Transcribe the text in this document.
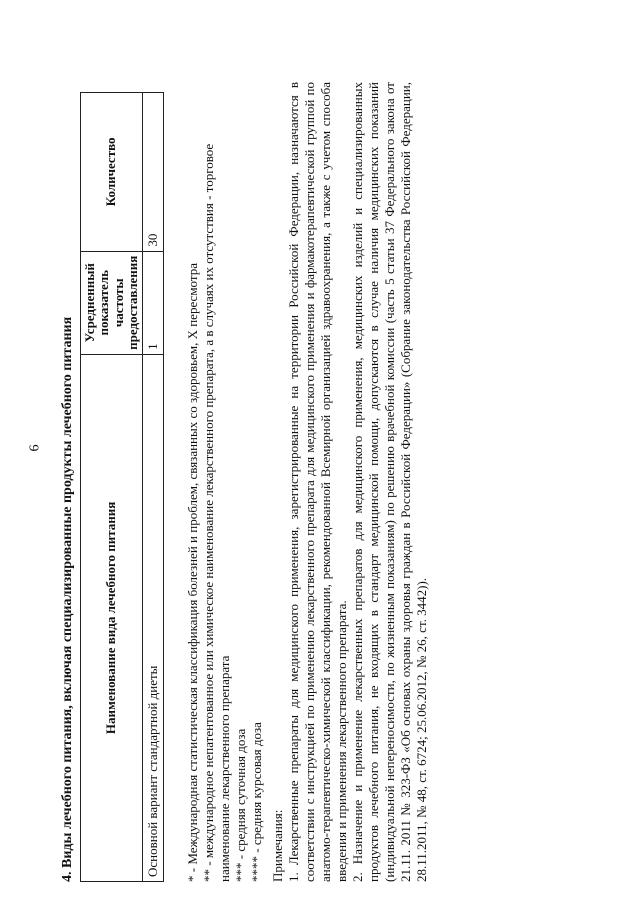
6 4. Виды лечебного питания, включая специализированные продукты лечебного питания Наименование вида лечебного питания	Усредненный показатель частоты предоставления	Количество
Основной вариант стандартной диеты	1	30
* - Международная статистическая классификация болезней и проблем, связанных со здоровьем, X пересмотра ** - международное непатентованное или химическое наименование лекарственного препарата, а в случаях их отсутствия - торговое наименование лекарственного препарата *** - средняя суточная доза **** - средняя курсовая доза Примечания: 1. Лекарственные препараты для медицинского применения, зарегистрированные на территории Российской Федерации, назначаются в соответствии с инструкцией по применению лекарственного препарата для медицинского применения и фармакотерапевтической группой по анатомо-терапевтическо-химической классификации, рекомендованной Всемирной организацией здравоохранения, а также с учетом способа введения и применения лекарственного препарата. 2. Назначение и применение лекарственных препаратов для медицинского применения, медицинских изделий и специализированных продуктов лечебного питания, не входящих в стандарт медицинской помощи, допускаются в случае наличия медицинских показаний (индивидуальной непереносимости, по жизненным показаниям) по решению врачебной комиссии (часть 5 статьи 37 Федерального закона от 21.11. 2011 № 323-ФЗ «Об основах охраны здоровья граждан в Российской Федерации» (Собрание законодательства Российской Федерации, 28.11.2011, № 48, ст. 6724; 25.06.2012, № 26, ст. 3442)).
